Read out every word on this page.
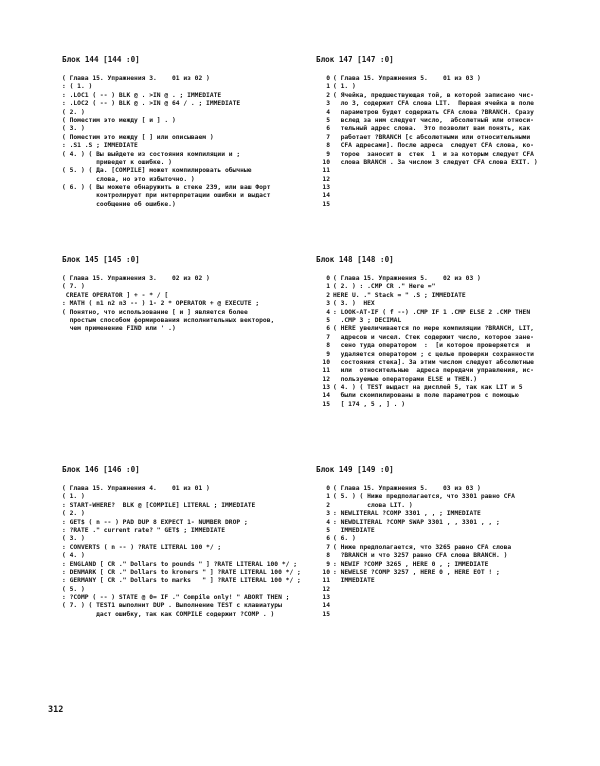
Блок 144 [144 :0]
( Глава 15. Упражнения 3.    01 из 02 )
: ( 1. )
: .LOC1 ( -- ) BLK @ . >IN @ . ; IMMEDIATE
: .LOC2 ( -- ) BLK @ . >IN @ 64 / . ; IMMEDIATE
( 2. )
( Поместим это между [ и ] . )
( 3. )
( Поместим это между [ ] или описываем )
: .S1 .S ; IMMEDIATE
( 4. ) ( Вы выйдете из состояния компиляции и ;
приведет к ошибке. )
( 5. ) ( Да. [COMPILE] может компилировать обычные
слова, но это избыточно. )
( 6. ) ( Вы можете обнаружить в стеке 239, или ваш Форт
контролирует при интерпретации ошибки и выдаст
сообщение об ошибке.)
Блок 147 [147 :0]
0 ( Глава 15. Упражнения 5.    01 из 03 )
1 ( 1. )
2 ( Ячейка, предшествующая той, в которой записано чис-
3 ло 3, содержит CFA слова LIT.  Первая ячейка в поле
4 параметров будет содержать CFA слова ?BRANCH. Сразу
5 вслед за ним следует число,  абсолютный или относи-
6 тельный адрес слова.  Это позволит вам понять, как
7 работает ?BRANCH [с абсолютными или относительными
8 CFA адресами]. После адреса  следует CFA слова, ко-
9 торое  заносит в  стек  1  и за которым следует CFA
10 слова BRANCH . За числом 3 следует CFA слова EXIT. )
11
12
13
14
15
Блок 145 [145 :0]
( Глава 15. Упражнения 3.    02 из 02 )
( 7. )
CREATE OPERATOR ] + - * / [
: MATH ( n1 n2 n3 -- ) 1- 2 * OPERATOR + @ EXECUTE ;
( Понятно, что использование [ и ] является более
простым способом формирования исполнительных векторов,
чем применение FIND или ' .)
Блок 148 [148 :0]
0 ( Глава 15. Упражнения 5.    02 из 03 )
1 ( 2. ) : .CMP CR ." Here ="
2 HERE U. ." Stack = " .S ; IMMEDIATE
3 ( 3. )  HEX
4 : LOOK-AT-IF ( f --) .CMP IF 1 .CMP ELSE 2 .CMP THEN
5 .CMP 3 ; DECIMAL
6 ( HERE увеличивается по мере компиляции ?BRANCH, LIT,
7 адресов и чисел. Стек содержит число, которое зане-
8 сено туда оператором  :  [и которое проверяется  и
9 удаляется оператором ; с целью проверки сохранности
10 состояния стека]. За этим числом следует абсолютные
11 или  относительные  адреса передачи управления, ис-
12 пользуемые операторами ELSE и THEN.)
13 ( 4. ) ( TEST выдаст на дисплей 5, так как LIT и 5
14 были скомпилированы в поле параметров с помощью
15 [ 174 , 5 , ] . )
Блок 146 [146 :0]
( Глава 15. Упражнения 4.    01 из 01 )
( 1. )
: START-WHERE?  BLK @ [COMPILE] LITERAL ; IMMEDIATE
( 2. )
: GET$ ( n -- ) PAD DUP 8 EXPECT 1- NUMBER DROP ;
: ?RATE ." current rate? " GET$ ; IMMEDIATE
( 3. )
: CONVERTS ( n -- ) ?RATE LITERAL 100 */ ;
( 4. )
: ENGLAND [ CR ." Dollars to pounds " ] ?RATE LITERAL 100 */ ;
: DENMARK [ CR ." Dollars to kroners " ] ?RATE LITERAL 100 */ ;
: GERMANY [ CR ." Dollars to marks   " ] ?RATE LITERAL 100 */ ;
( 5. )
: ?COMP ( -- ) STATE @ 0= IF ." Compile only! " ABORT THEN ;
( 7. ) ( TEST1 выполнит DUP . Выполнение TEST с клавиатуры
даст ошибку, так как COMPILE содержит ?COMP . )
Блок 149 [149 :0]
0 ( Глава 15. Упражнения 5.    03 из 03 )
1 ( 5. ) ( Ниже предполагается, что 3301 равно CFA
2 слова LIT. )
3 : NEWLITERAL ?COMP 3301 , , ; IMMEDIATE
4 : NEWDLITERAL ?COMP SWAP 3301 , , 3301 , , ;
5 IMMEDIATE
6 ( 6. )
7 ( Ниже предполагается, что 3265 равно CFA слова
8 ?BRANCH и что 3257 равно CFA слова BRANCH. )
9 : NEWIF ?COMP 3265 , HERE 0 , ; IMMEDIATE
10 : NEWELSE ?COMP 3257 , HERE 0 , HERE ЕОТ ! ;
11 IMMEDIATE
12
13
14
15
312
